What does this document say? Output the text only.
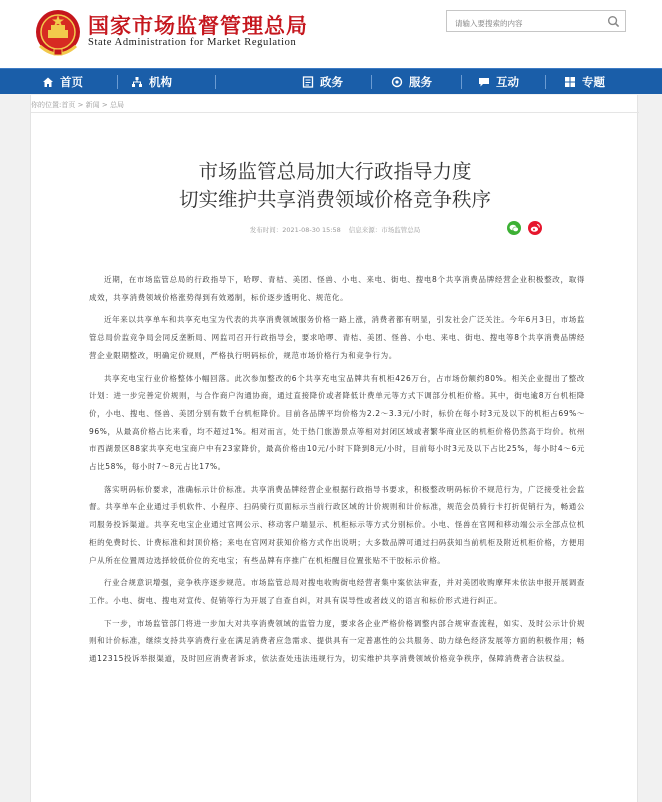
国家市场监督管理总局
State Administration for Market Regulation
请输入要搜索的内容
首页	机构	政务	服务	互动	专题
你的位置:首页 > 新闻 > 总局
市场监管总局加大行政指导力度
切实维护共享消费领域价格竞争秩序
发布时间：2021-08-30 15:58 信息来源：市场监管总局

近期，在市场监管总局的行政指导下，哈啰、青桔、美团、怪兽、小电、来电、街电、搜电8个共享消费品牌经营企业积极整改，取得成效，共享消费领域价格涨势得到有效遏制，标价逐步透明化、规范化。

近年来以共享单车和共享充电宝为代表的共享消费领域服务价格一路上涨，消费者都有明显，引发社会广泛关注。今年6月3日，市场监管总局价监竞争局会同反垄断局、网监司召开行政指导会，要求哈啰、青桔、美团、怪兽、小电、来电、街电、搜电等8个共享消费品牌经营企业限期整改，明确定价规则，严格执行明码标价，规范市场价格行为和竞争行为。

共享充电宝行业价格整体小幅回落。此次参加整改的6个共享充电宝品牌共有机柜426万台，占市场份额约80%。相关企业提出了整改计划：进一步完善定价规则，与合作商户沟通协商，通过直接降价或者降低计费单元等方式下调部分机柜价格。其中，街电逾8万台机柜降价，小电、搜电、怪兽、美团分别有数千台机柜降价。目前各品牌平均价格为2.2～3.3元/小时，标价在每小时3元及以下的机柜占69%～96%，从最高价格占比来看，均不超过1%。相对而言，处于热门旅游景点等相对封闭区域或者繁华商业区的机柜价格仍然高于均价。杭州市西湖景区88家共享充电宝商户中有23家降价，最高价格由10元/小时下降到8元/小时，目前每小时3元及以下占比25%，每小时4～6元占比58%，每小时7～8元占比17%。

落实明码标价要求，准确标示计价标准。共享消费品牌经营企业根据行政指导书要求，积极整改明码标价不规范行为，广泛接受社会监督。共享单车企业通过手机软件、小程序、扫码骑行页面标示当前行政区域的计价规则和计价标准，规范会员骑行卡打折促销行为，畅通公司服务投诉渠道。共享充电宝企业通过官网公示、移动客户端显示、机柜标示等方式分别标价。小电、怪兽在官网和移动端公示全部点位机柜的免费时长、计费标准和封顶价格；来电在官网对获知价格方式作出说明；大多数品牌可通过扫码获知当前机柜及附近机柜价格，方便用户从所在位置周边选择较低价位的充电宝；有些品牌有序推广在机柜醒目位置张贴不干胶标示价格。

行业合规意识增强，竞争秩序逐步规范。市场监管总局对搜电收购街电经营者集中案依法审查，并对美团收购摩拜未依法申报开展调查工作。小电、街电、搜电对宣传、促销等行为开展了自查自纠，对具有误导性或者歧义的语言和标价形式进行纠正。

下一步，市场监管部门将进一步加大对共享消费领域的监管力度，要求各企业严格价格调整内部合规审查流程，如实、及时公示计价规则和计价标准，继续支持共享消费行业在满足消费者应急需求、提供具有一定普惠性的公共服务、助力绿色经济发展等方面的积极作用；畅通12315投诉举报渠道，及时回应消费者诉求，依法查处违法违规行为，切实维护共享消费领域价格竞争秩序，保障消费者合法权益。
